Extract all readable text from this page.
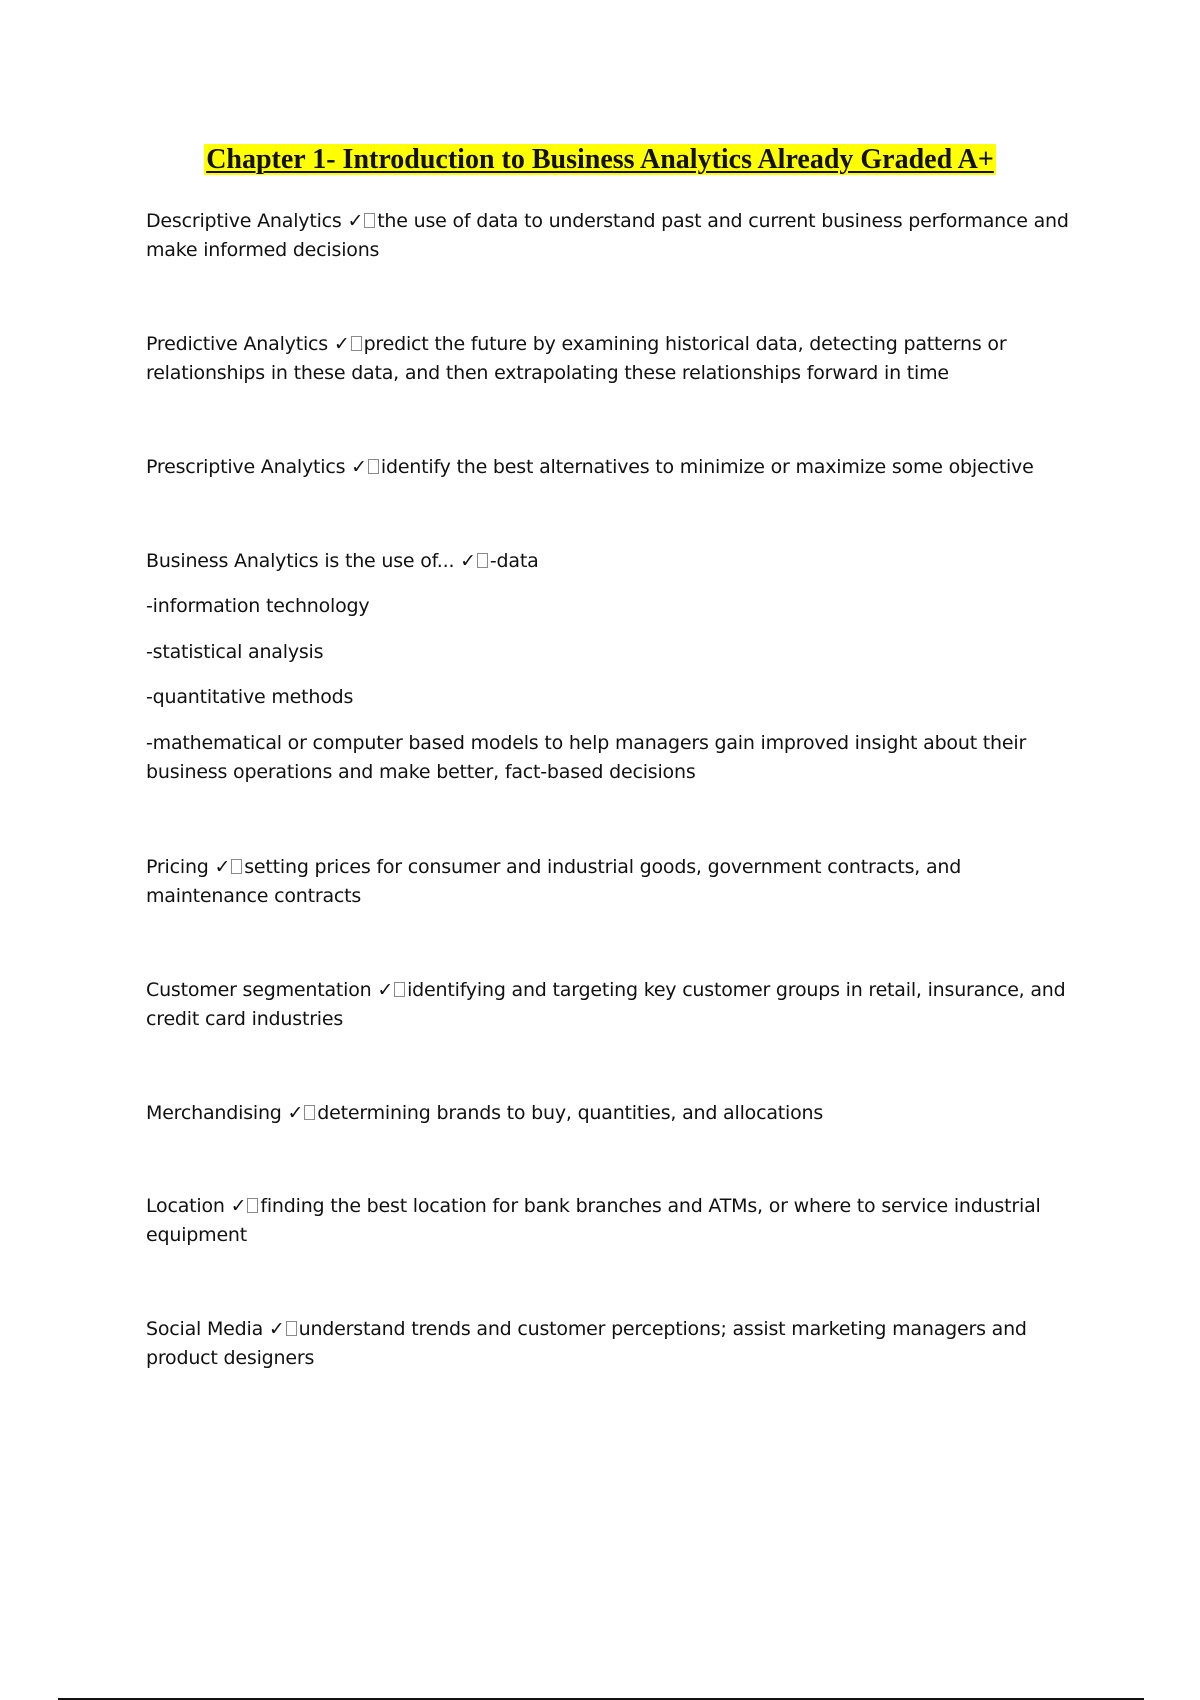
Chapter 1- Introduction to Business Analytics Already Graded A+
Descriptive Analytics ✓ the use of data to understand past and current business performance and make informed decisions
Predictive Analytics ✓ predict the future by examining historical data, detecting patterns or relationships in these data, and then extrapolating these relationships forward in time
Prescriptive Analytics ✓ identify the best alternatives to minimize or maximize some objective
Business Analytics is the use of... ✓ -data
-information technology
-statistical analysis
-quantitative methods
-mathematical or computer based models to help managers gain improved insight about their business operations and make better, fact-based decisions
Pricing ✓ setting prices for consumer and industrial goods, government contracts, and maintenance contracts
Customer segmentation ✓ identifying and targeting key customer groups in retail, insurance, and credit card industries
Merchandising ✓ determining brands to buy, quantities, and allocations
Location ✓ finding the best location for bank branches and ATMs, or where to service industrial equipment
Social Media ✓ understand trends and customer perceptions; assist marketing managers and product designers
